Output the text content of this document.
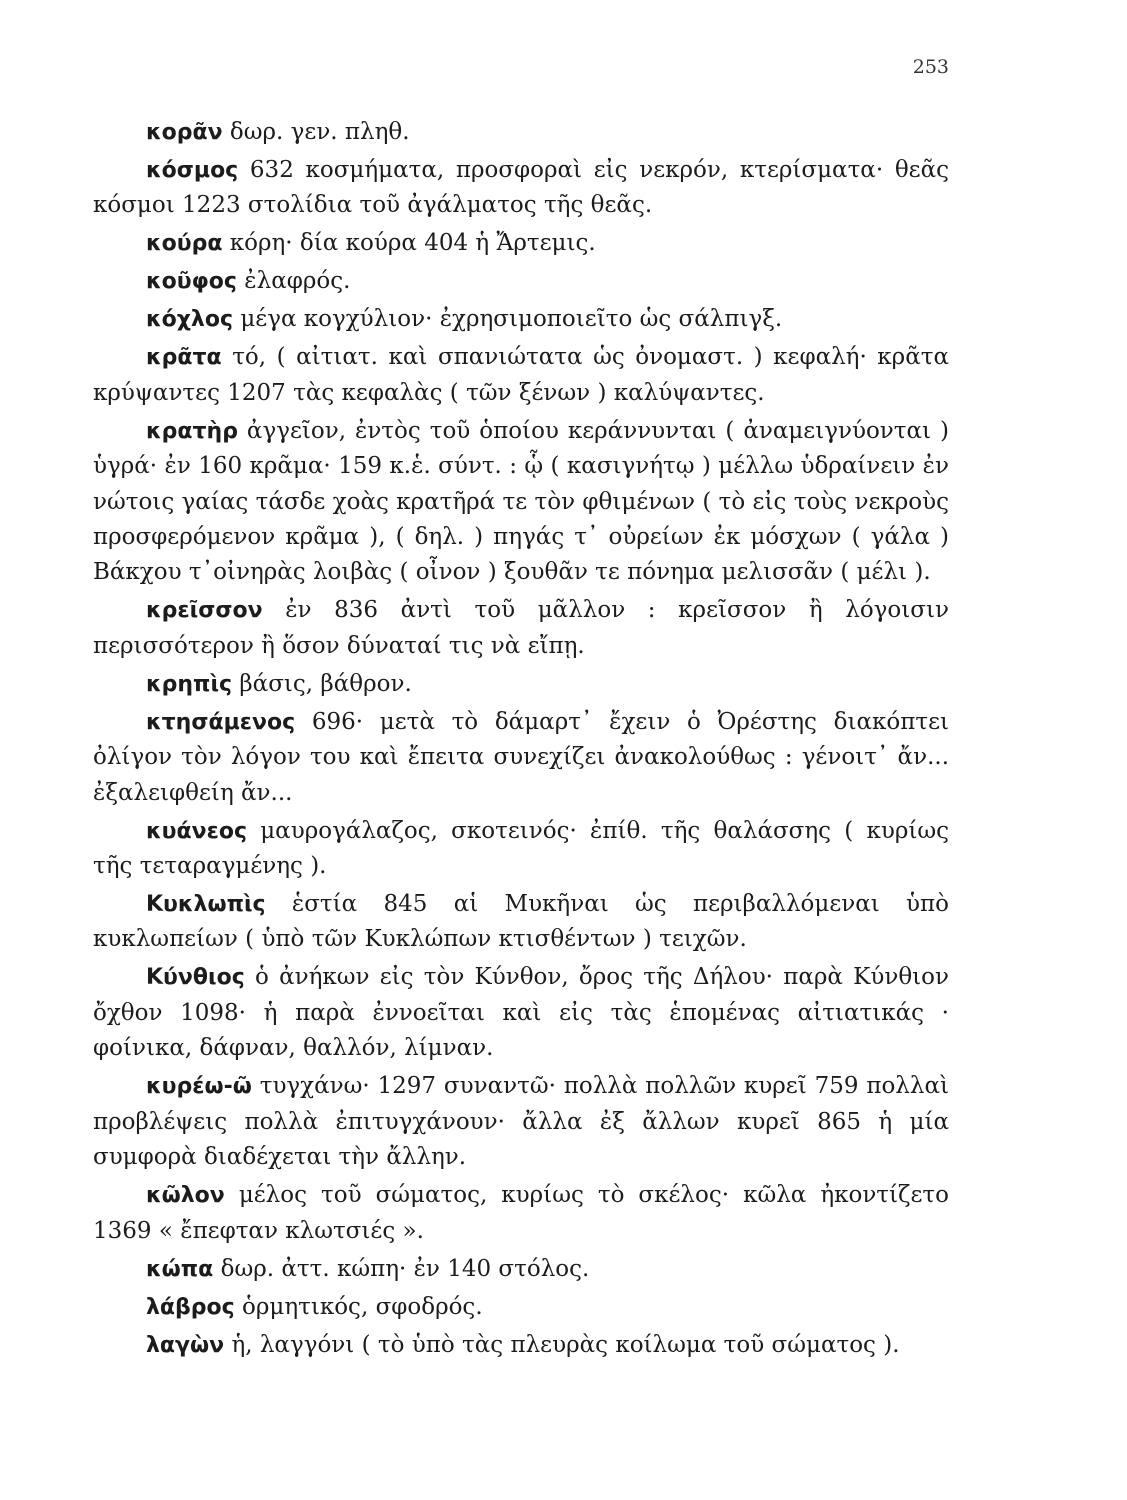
253

κορᾶν δωρ. γεν. πληθ.

κόσμος 632 κοσμήματα, προσφοραὶ εἰς νεκρόν, κτερίσματα· θεᾶς κόσμοι 1223 στολίδια τοῦ ἀγάλματος τῆς θεᾶς.

κούρα κόρη· δία κούρα 404 ἡ Ἄρτεμις.

κοῦφος ἐλαφρός.

κόχλος μέγα κογχύλιον· ἐχρησιμοποιεῖτο ὡς σάλπιγξ.

κρᾶτα τό, ( αἰτιατ. καὶ σπανιώτατα ὡς ὀνομαστ. ) κεφαλή· κρᾶτα κρύψαντες 1207 τὰς κεφαλὰς ( τῶν ξένων ) καλύψαντες.

κρατὴρ ἀγγεῖον, ἐντὸς τοῦ ὁποίου κεράννυνται ( ἀναμειγνύονται ) ὑγρά· ἐν 160 κρᾶμα· 159 κ.ἑ. σύντ. : ᾧ ( κασιγνήτῳ ) μέλλω ὑδραίνειν ἐν νώτοις γαίας τάσδε χοὰς κρατῆρά τε τὸν φθιμένων ( τὸ εἰς τοὺς νεκροὺς προσφερόμενον κρᾶμα ), ( δηλ. ) πηγάς τ᾽ οὐρείων ἐκ μόσχων ( γάλα ) Βάκχου τ᾽οἰνηρὰς λοιβὰς ( οἶνον ) ξουθᾶν τε πόνημα μελισσᾶν ( μέλι ).

κρεῖσσον ἐν 836 ἀντὶ τοῦ μᾶλλον : κρεῖσσον ἢ λόγοισιν περισσότερον ἢ ὅσον δύναταί τις νὰ εἴπῃ.

κρηπὶς βάσις, βάθρον.

κτησάμενος 696· μετὰ τὸ δάμαρτ᾽ ἔχειν ὁ Ὀρέστης διακόπτει ὀλίγον τὸν λόγον του καὶ ἔπειτα συνεχίζει ἀνακολούθως : γένοιτ᾽ ἄν... ἐξαλειφθείη ἄν...

κυάνεος μαυρογάλαζος, σκοτεινός· ἐπίθ. τῆς θαλάσσης ( κυρίως τῆς τεταραγμένης ).

Κυκλωπὶς ἑστία 845 αἱ Μυκῆναι ὡς περιβαλλόμεναι ὑπὸ κυκλωπείων ( ὑπὸ τῶν Κυκλώπων κτισθέντων ) τειχῶν.

Κύνθιος ὁ ἀνήκων εἰς τὸν Κύνθον, ὄρος τῆς Δήλου· παρὰ Κύνθιον ὄχθον 1098· ἡ παρὰ ἐννοεῖται καὶ εἰς τὰς ἑπομένας αἰτιατικάς · φοίνικα, δάφναν, θαλλόν, λίμναν.

κυρέω-ῶ τυγχάνω· 1297 συναντῶ· πολλὰ πολλῶν κυρεῖ 759 πολλαὶ προβλέψεις πολλὰ ἐπιτυγχάνουν· ἄλλα ἐξ ἄλλων κυρεῖ 865 ἡ μία συμφορὰ διαδέχεται τὴν ἄλλην.

κῶλον μέλος τοῦ σώματος, κυρίως τὸ σκέλος· κῶλα ἠκοντίζετο 1369 « ἔπεφταν κλωτσιές ».

κώπα δωρ. ἀττ. κώπη· ἐν 140 στόλος.

λάβρος ὁρμητικός, σφοδρός.

λαγὼν ἡ, λαγγόνι ( τὸ ὑπὸ τὰς πλευρὰς κοίλωμα τοῦ σώματος ).
